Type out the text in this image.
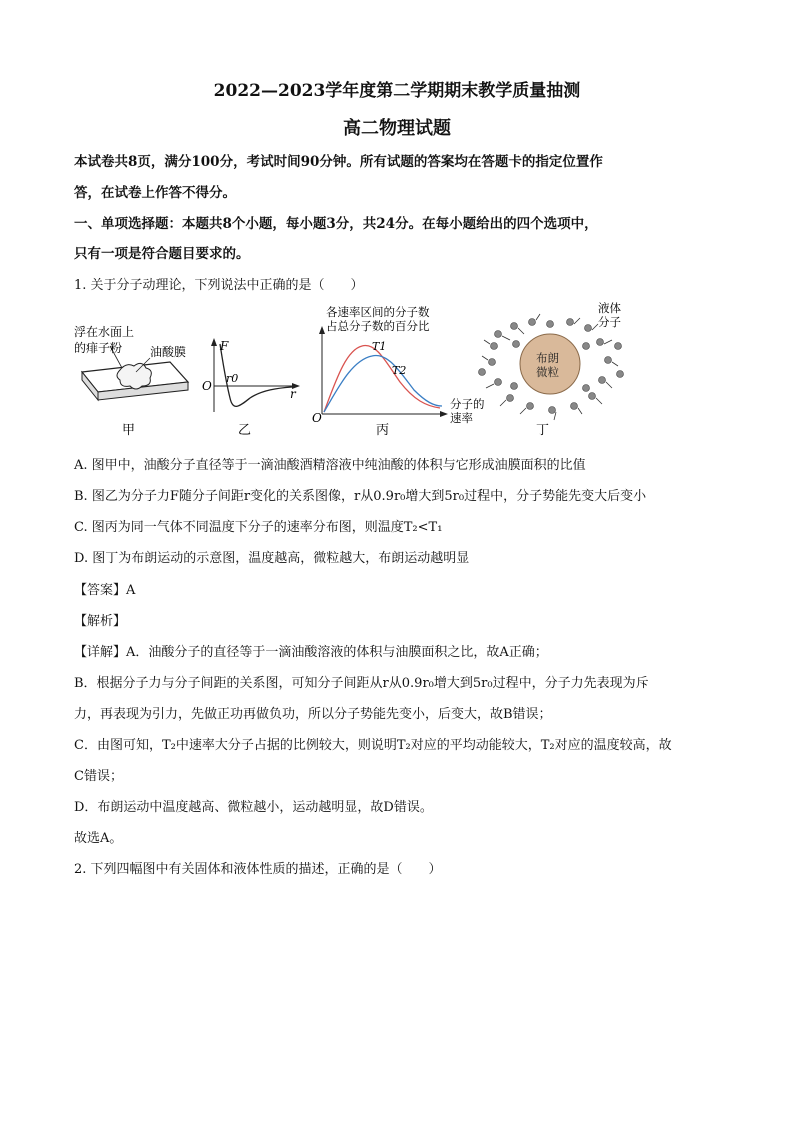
2022—2023学年度第二学期期末教学质量抽测
高二物理试题
本试卷共8页，满分100分，考试时间90分钟。所有试题的答案均在答题卡的指定位置作
答，在试卷上作答不得分。
一、单项选择题：本题共8个小题，每小题3分，共24分。在每小题给出的四个选项中，
只有一项是符合题目要求的。
1. 关于分子动理论，下列说法中正确的是（　　）
浮在水面上
的痱子粉 油酸膜
甲
F
O
r0
r
乙
各速率区间的分子数
占总分子数的百分比
T1
T2
O
分子的
速率
丙
布朗
微粒
液体
分子
丁
A. 图甲中，油酸分子直径等于一滴油酸酒精溶液中纯油酸的体积与它形成油膜面积的比值
B. 图乙为分子力F随分子间距r变化的关系图像，r从0.9r₀增大到5r₀过程中，分子势能先变大后变小
C. 图丙为同一气体不同温度下分子的速率分布图，则温度T₂<T₁
D. 图丁为布朗运动的示意图，温度越高，微粒越大，布朗运动越明显
【答案】A
【解析】
【详解】A．油酸分子的直径等于一滴油酸溶液的体积与油膜面积之比，故A正确；
B．根据分子力与分子间距的关系图，可知分子间距从r从0.9r₀增大到5r₀过程中，分子力先表现为斥
力，再表现为引力，先做正功再做负功，所以分子势能先变小，后变大，故B错误；
C．由图可知，T₂中速率大分子占据的比例较大，则说明T₂对应的平均动能较大，T₂对应的温度较高，故
C错误；
D．布朗运动中温度越高、微粒越小，运动越明显，故D错误。
故选A。
2. 下列四幅图中有关固体和液体性质的描述，正确的是（　　）
